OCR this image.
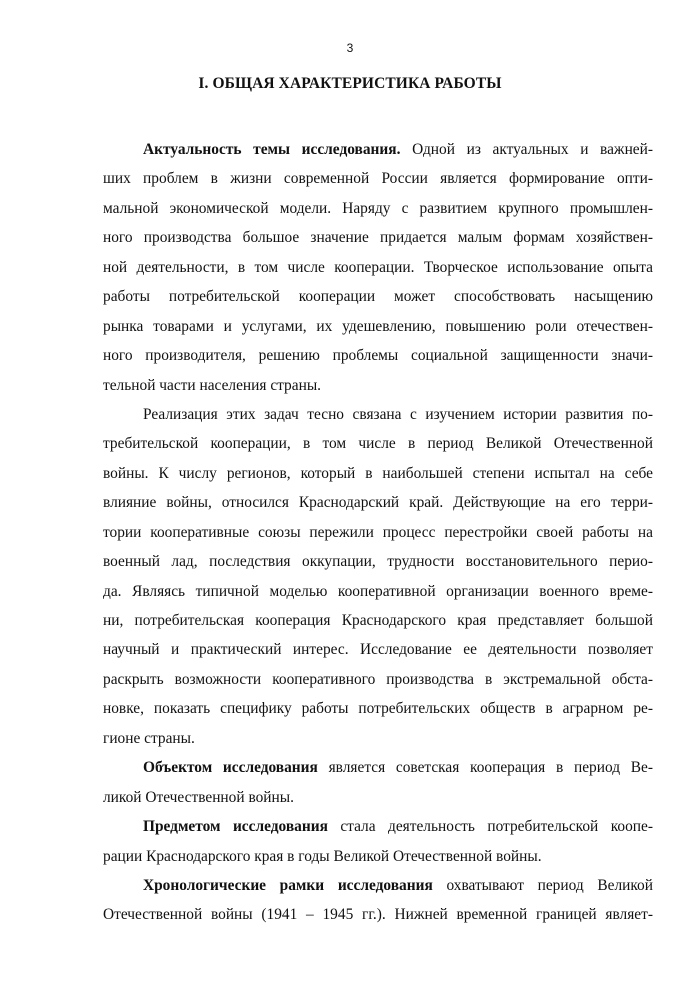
3
I. ОБЩАЯ ХАРАКТЕРИСТИКА РАБОТЫ
Актуальность темы исследования. Одной из актуальных и важней-
ших проблем в жизни современной России является формирование опти-
мальной экономической модели. Наряду с развитием крупного промышлен-
ного производства большое значение придается малым формам хозяйствен-
ной деятельности, в том числе кооперации. Творческое использование опыта
работы потребительской кооперации может способствовать насыщению
рынка товарами и услугами, их удешевлению, повышению роли отечествен-
ного производителя, решению проблемы социальной защищенности значи-
тельной части населения страны.
Реализация этих задач тесно связана с изучением истории развития по-
требительской кооперации, в том числе в период Великой Отечественной
войны. К числу регионов, который в наибольшей степени испытал на себе
влияние войны, относился Краснодарский край. Действующие на его терри-
тории кооперативные союзы пережили процесс перестройки своей работы на
военный лад, последствия оккупации, трудности восстановительного перио-
да. Являясь типичной моделью кооперативной организации военного време-
ни, потребительская кооперация Краснодарского края представляет большой
научный и практический интерес. Исследование ее деятельности позволяет
раскрыть возможности кооперативного производства в экстремальной обста-
новке, показать специфику работы потребительских обществ в аграрном ре-
гионе страны.
Объектом исследования является советская кооперация в период Ве-
ликой Отечественной войны.
Предметом исследования стала деятельность потребительской коопе-
рации Краснодарского края в годы Великой Отечественной войны.
Хронологические рамки исследования охватывают период Великой
Отечественной войны (1941 – 1945 гг.). Нижней временной границей являет-
